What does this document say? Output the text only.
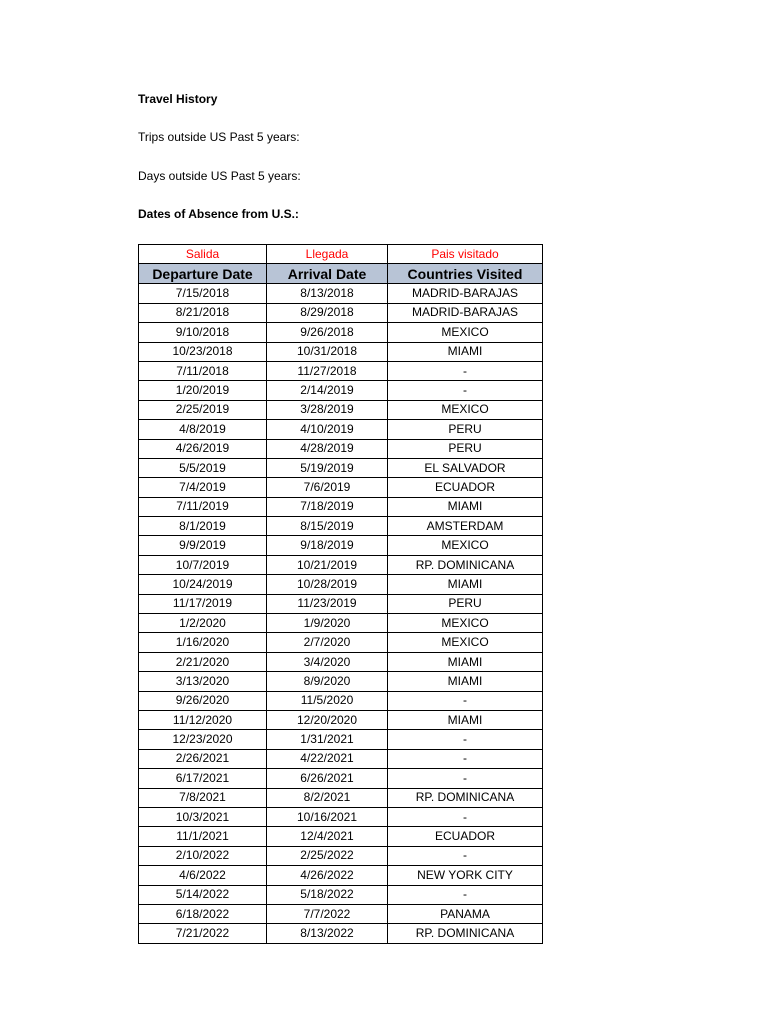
Travel History
Trips outside US Past 5 years:
Days outside US Past 5 years:
Dates of Absence from U.S.:
Salida	Llegada	Pais visitado
Departure Date	Arrival Date	Countries Visited
7/15/2018	8/13/2018	MADRID-BARAJAS
8/21/2018	8/29/2018	MADRID-BARAJAS
9/10/2018	9/26/2018	MEXICO
10/23/2018	10/31/2018	MIAMI
7/11/2018	11/27/2018	-
1/20/2019	2/14/2019	-
2/25/2019	3/28/2019	MEXICO
4/8/2019	4/10/2019	PERU
4/26/2019	4/28/2019	PERU
5/5/2019	5/19/2019	EL SALVADOR
7/4/2019	7/6/2019	ECUADOR
7/11/2019	7/18/2019	MIAMI
8/1/2019	8/15/2019	AMSTERDAM
9/9/2019	9/18/2019	MEXICO
10/7/2019	10/21/2019	RP. DOMINICANA
10/24/2019	10/28/2019	MIAMI
11/17/2019	11/23/2019	PERU
1/2/2020	1/9/2020	MEXICO
1/16/2020	2/7/2020	MEXICO
2/21/2020	3/4/2020	MIAMI
3/13/2020	8/9/2020	MIAMI
9/26/2020	11/5/2020	-
11/12/2020	12/20/2020	MIAMI
12/23/2020	1/31/2021	-
2/26/2021	4/22/2021	-
6/17/2021	6/26/2021	-
7/8/2021	8/2/2021	RP. DOMINICANA
10/3/2021	10/16/2021	-
11/1/2021	12/4/2021	ECUADOR
2/10/2022	2/25/2022	-
4/6/2022	4/26/2022	NEW YORK CITY
5/14/2022	5/18/2022	-
6/18/2022	7/7/2022	PANAMA
7/21/2022	8/13/2022	RP. DOMINICANA
